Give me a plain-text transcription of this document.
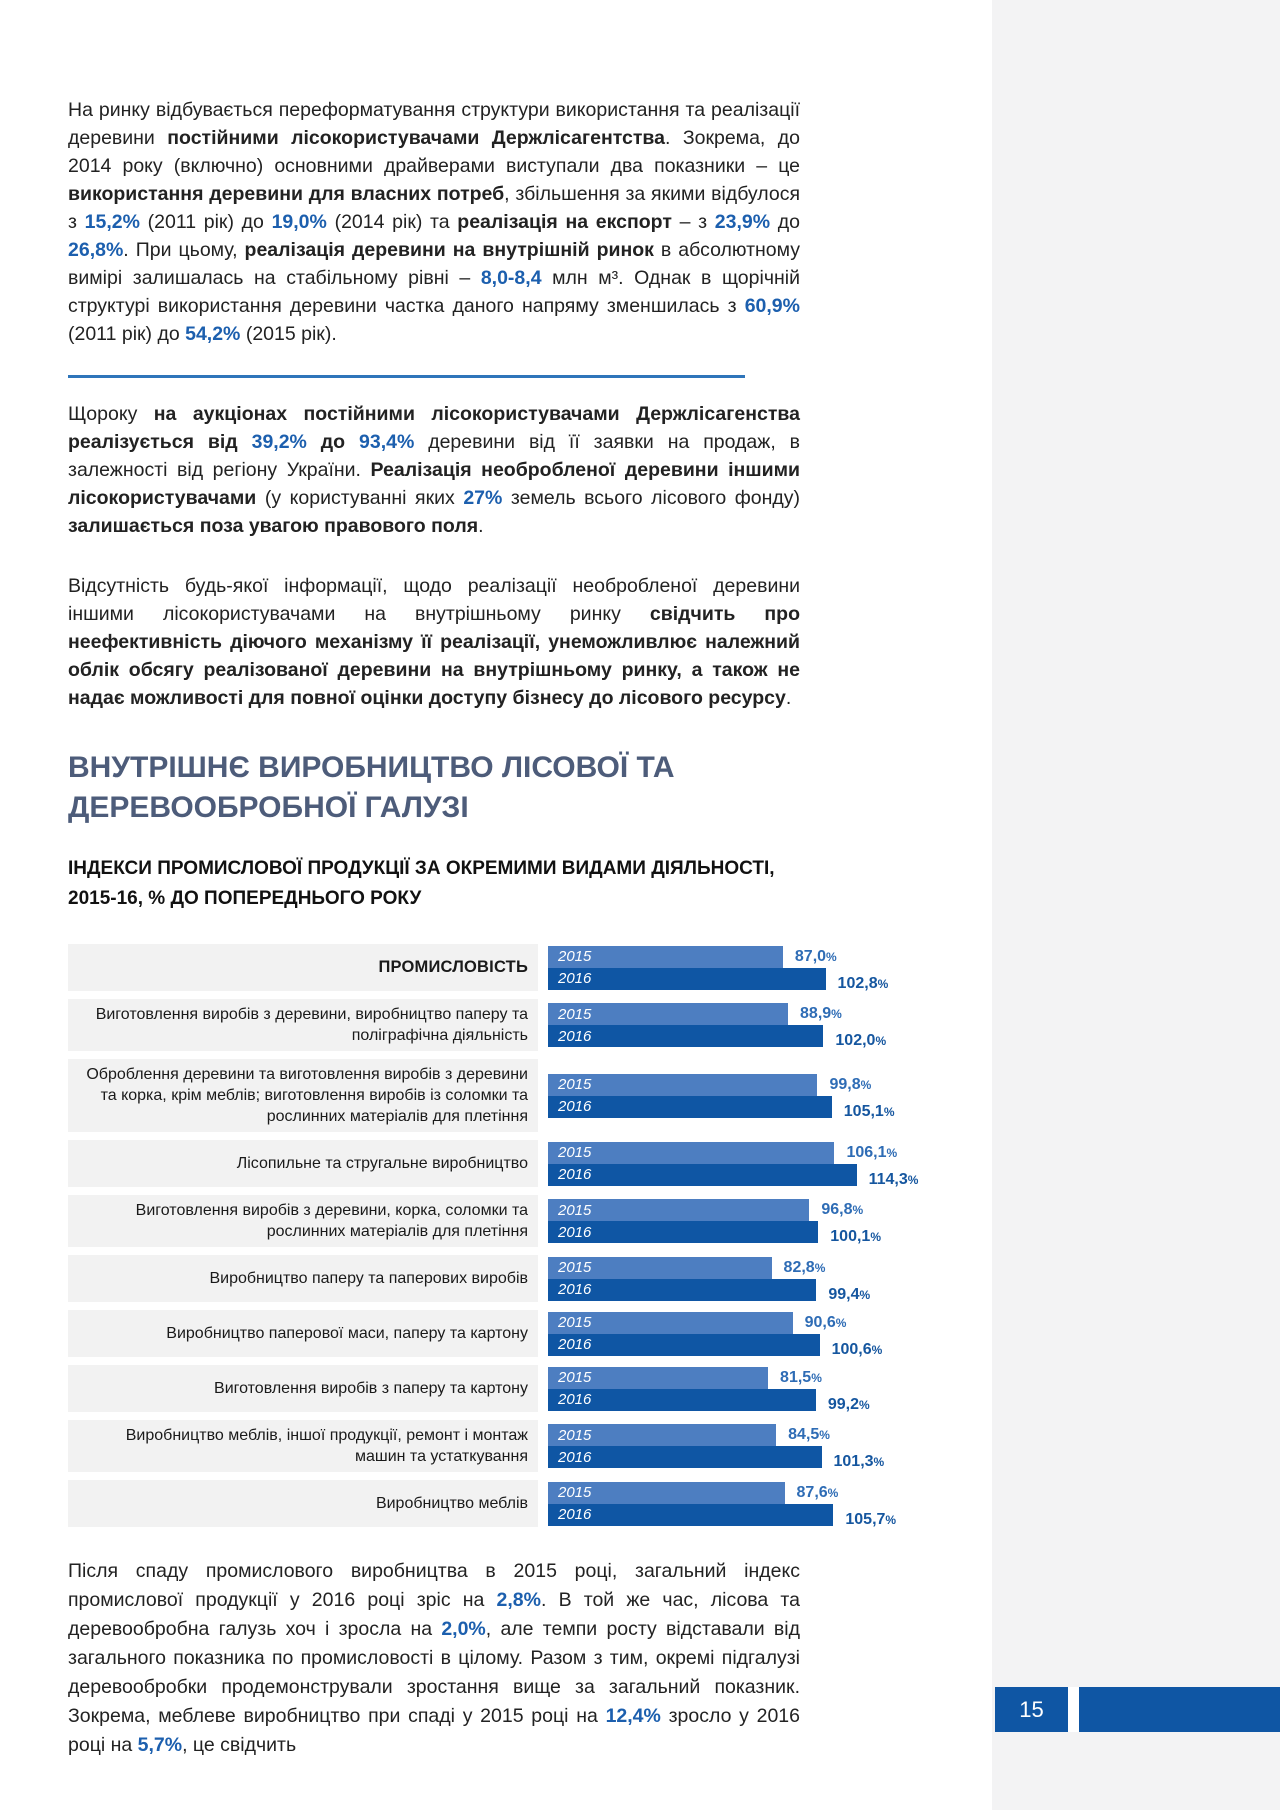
На ринку відбувається переформатування структури використання та реалізації деревини постійними лісокористувачами Держлісагентства. Зокрема, до 2014 року (включно) основними драйверами виступали два показники – це використання деревини для власних потреб, збільшення за якими відбулося з 15,2% (2011 рік) до 19,0% (2014 рік) та реалізація на експорт – з 23,9% до 26,8%. При цьому, реалізація деревини на внутрішній ринок в абсолютному вимірі залишалась на стабільному рівні – 8,0-8,4 млн м³. Однак в щорічній структурі використання деревини частка даного напряму зменшилась з 60,9% (2011 рік) до 54,2% (2015 рік).

Щороку на аукціонах постійними лісокористувачами Держлісагенства реалізується від 39,2% до 93,4% деревини від її заявки на продаж, в залежності від регіону України. Реалізація необробленої деревини іншими лісокористувачами (у користуванні яких 27% земель всього лісового фонду) залишається поза увагою правового поля.

Відсутність будь-якої інформації, щодо реалізації необробленої деревини іншими лісокористувачами на внутрішньому ринку свідчить про неефективність діючого механізму її реалізації, унеможливлює належний облік обсягу реалізованої деревини на внутрішньому ринку, а також не надає можливості для повної оцінки доступу бізнесу до лісового ресурсу.

ВНУТРІШНЄ ВИРОБНИЦТВО ЛІСОВОЇ ТА ДЕРЕВООБРОБНОЇ ГАЛУЗІ
ІНДЕКСИ ПРОМИСЛОВОЇ ПРОДУКЦІЇ ЗА ОКРЕМИМИ ВИДАМИ ДІЯЛЬНОСТІ, 2015-16, % ДО ПОПЕРЕДНЬОГО РОКУ
ПРОМИСЛОВІСТЬ
2015	87,0%
2016	102,8%
Виготовлення виробів з деревини, виробництво паперу та поліграфічна діяльність
2015	88,9%
2016	102,0%
Оброблення деревини та виготовлення виробів з деревини та корка, крім меблів; виготовлення виробів із соломки та рослинних матеріалів для плетіння
2015	99,8%
2016	105,1%
Лісопильне та стругальне виробництво
2015	106,1%
2016	114,3%
Виготовлення виробів з деревини, корка, соломки та рослинних матеріалів для плетіння
2015	96,8%
2016	100,1%
Виробництво паперу та паперових виробів
2015	82,8%
2016	99,4%
Виробництво паперової маси, паперу та картону
2015	90,6%
2016	100,6%
Виготовлення виробів з паперу та картону
2015	81,5%
2016	99,2%
Виробництво меблів, іншої продукції, ремонт і монтаж машин та устаткування
2015	84,5%
2016	101,3%
Виробництво меблів
2015	87,6%
2016	105,7%

Після спаду промислового виробництва в 2015 році, загальний індекс промислової продукції у 2016 році зріс на 2,8%. В той же час, лісова та деревообробна галузь хоч і зросла на 2,0%, але темпи росту відставали від загального показника по промисловості в цілому. Разом з тим, окремі підгалузі деревообробки продемонстрували зростання вище за загальний показник. Зокрема, меблеве виробництво при спаді у 2015 році на 12,4% зросло у 2016 році на 5,7%, це свідчить

15
